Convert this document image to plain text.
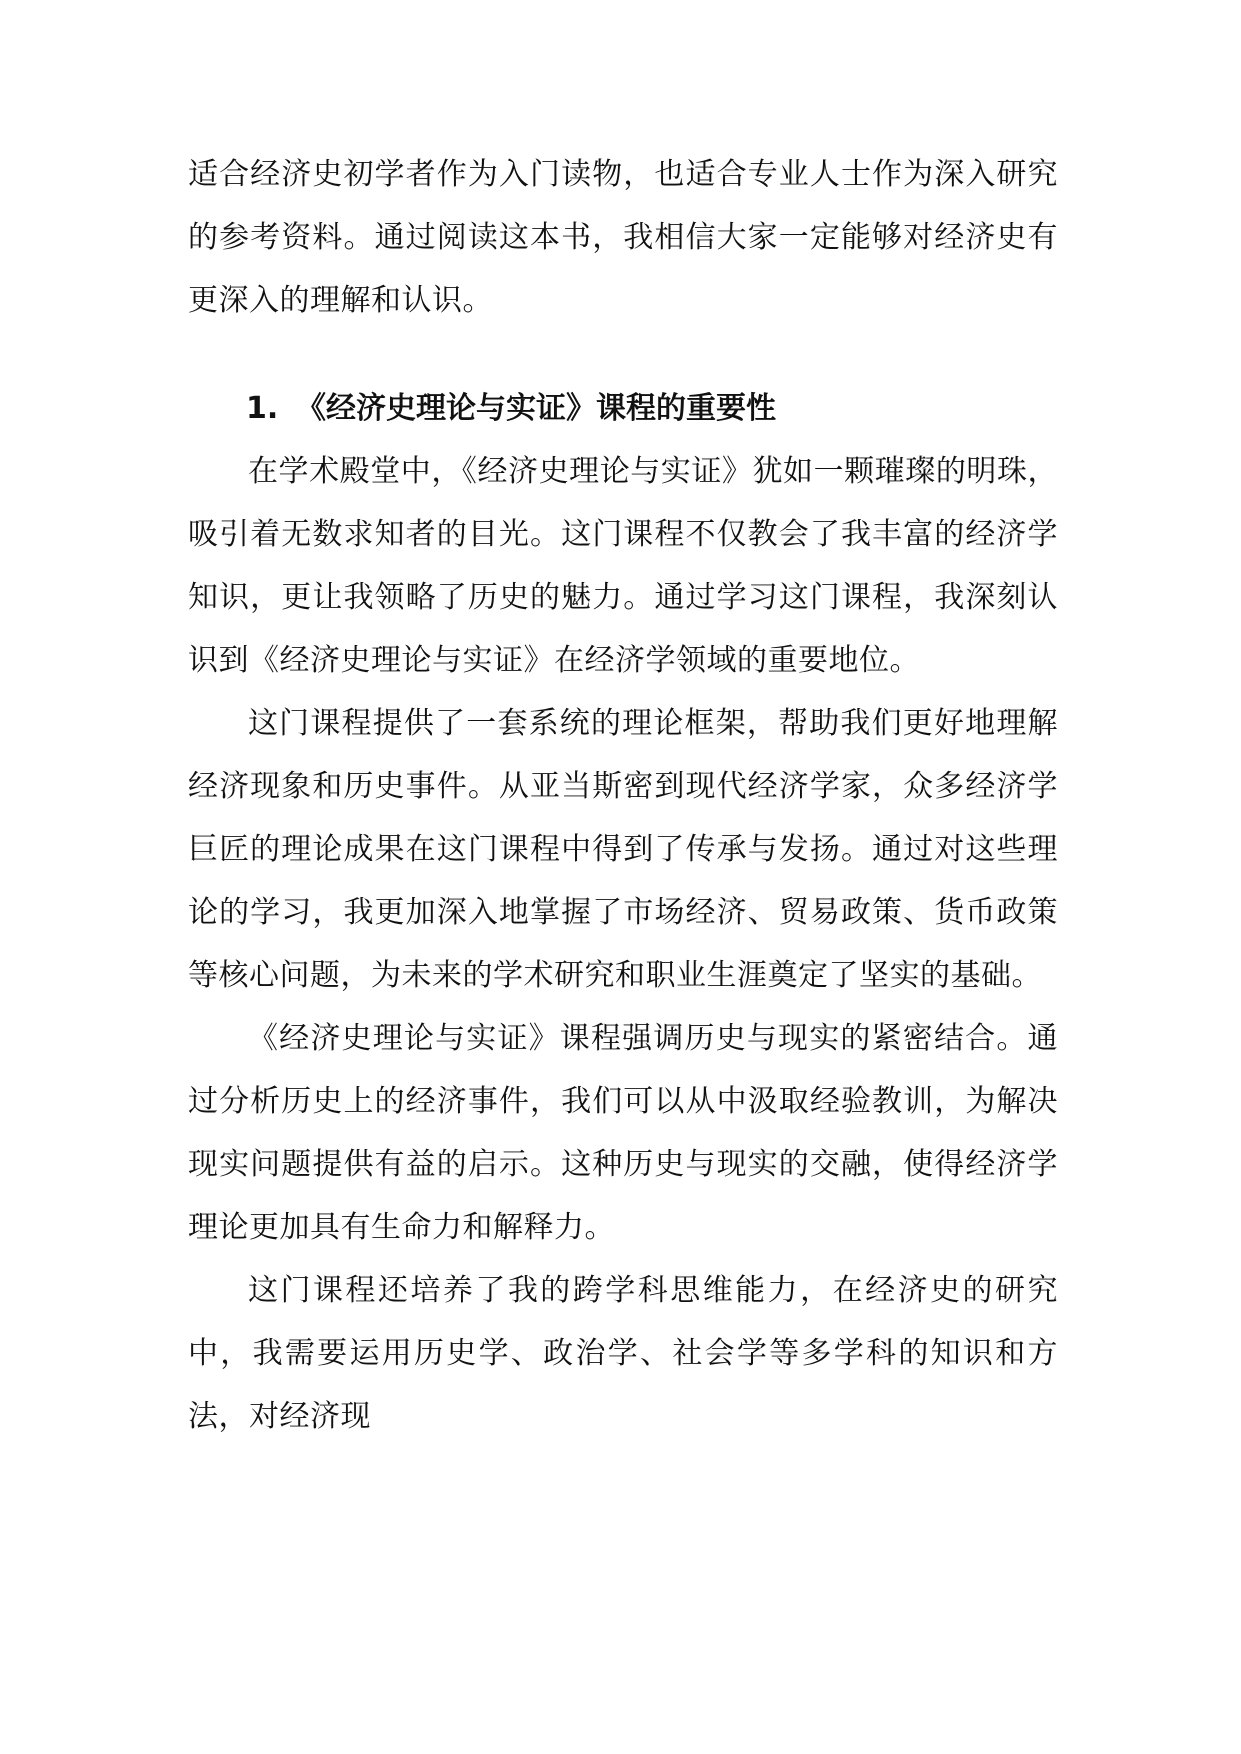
适合经济史初学者作为入门读物，也适合专业人士作为深入研究的参考资料。通过阅读这本书，我相信大家一定能够对经济史有更深入的理解和认识。

1. 《经济史理论与实证》课程的重要性

在学术殿堂中，《经济史理论与实证》犹如一颗璀璨的明珠，吸引着无数求知者的目光。这门课程不仅教会了我丰富的经济学知识，更让我领略了历史的魅力。通过学习这门课程，我深刻认识到《经济史理论与实证》在经济学领域的重要地位。

这门课程提供了一套系统的理论框架，帮助我们更好地理解经济现象和历史事件。从亚当斯密到现代经济学家，众多经济学巨匠的理论成果在这门课程中得到了传承与发扬。通过对这些理论的学习，我更加深入地掌握了市场经济、贸易政策、货币政策等核心问题，为未来的学术研究和职业生涯奠定了坚实的基础。

《经济史理论与实证》课程强调历史与现实的紧密结合。通过分析历史上的经济事件，我们可以从中汲取经验教训，为解决现实问题提供有益的启示。这种历史与现实的交融，使得经济学理论更加具有生命力和解释力。

这门课程还培养了我的跨学科思维能力，在经济史的研究中，我需要运用历史学、政治学、社会学等多学科的知识和方法，对经济现
